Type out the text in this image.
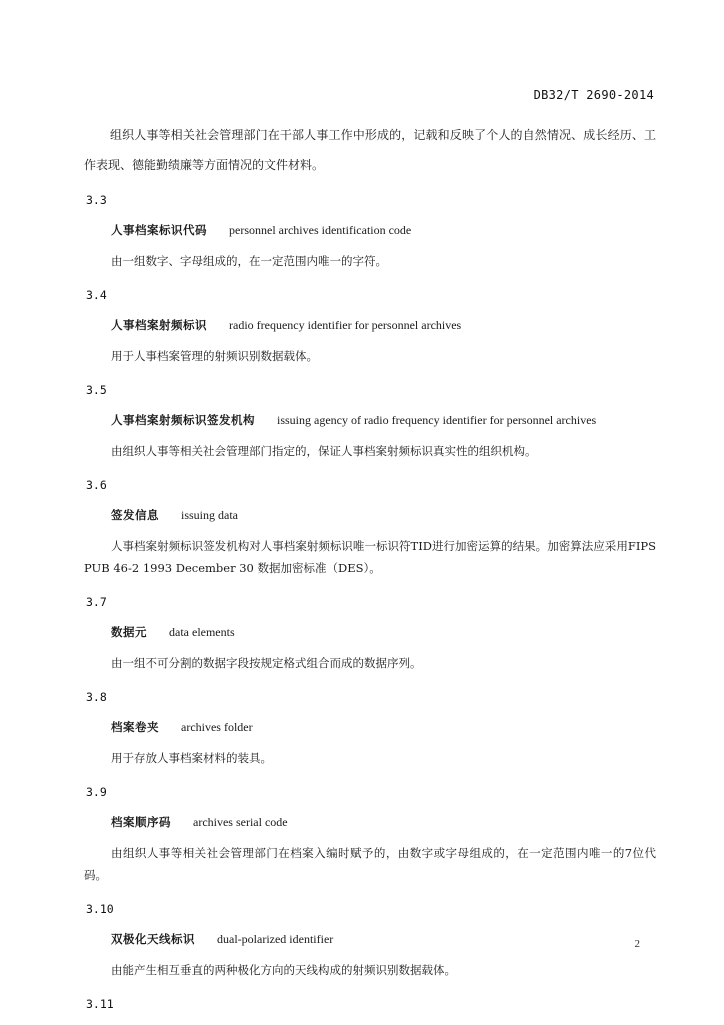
DB32/T 2690-2014

组织人事等相关社会管理部门在干部人事工作中形成的，记载和反映了个人的自然情况、成长经历、工作表现、德能勤绩廉等方面情况的文件材料。

3.3
人事档案标识代码 personnel archives identification code

由一组数字、字母组成的，在一定范围内唯一的字符。

3.4
人事档案射频标识 radio frequency identifier for personnel archives

用于人事档案管理的射频识别数据载体。

3.5
人事档案射频标识签发机构 issuing agency of radio frequency identifier for personnel archives

由组织人事等相关社会管理部门指定的，保证人事档案射频标识真实性的组织机构。

3.6
签发信息 issuing data

人事档案射频标识签发机构对人事档案射频标识唯一标识符TID进行加密运算的结果。加密算法应采用FIPS PUB 46-2 1993 December 30 数据加密标准（DES）。

3.7
数据元 data elements

由一组不可分割的数据字段按规定格式组合而成的数据序列。

3.8
档案卷夹 archives folder

用于存放人事档案材料的装具。

3.9
档案顺序码 archives serial code

由组织人事等相关社会管理部门在档案入编时赋予的，由数字或字母组成的，在一定范围内唯一的7位代码。

3.10
双极化天线标识 dual-polarized identifier

由能产生相互垂直的两种极化方向的天线构成的射频识别数据载体。

3.11
2
